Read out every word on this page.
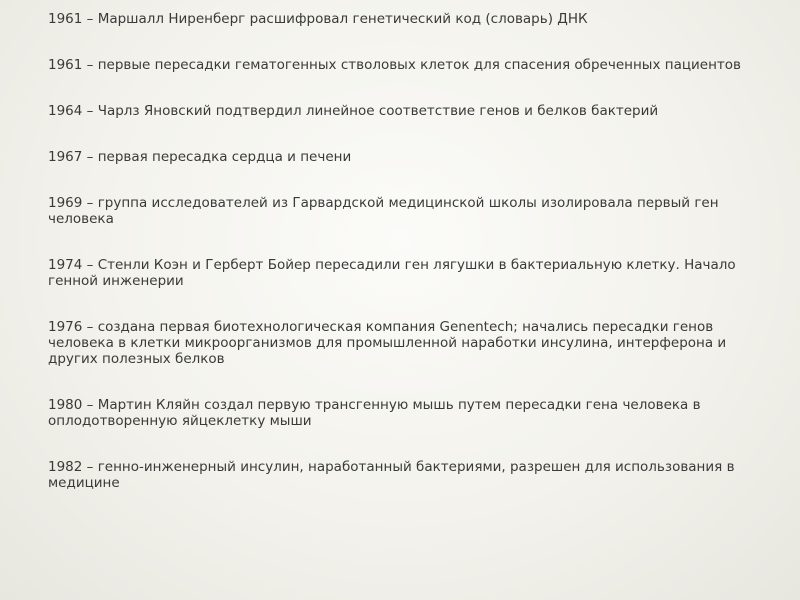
1961 – Маршалл Ниренберг расшифровал генетический код (словарь) ДНК
1961 – первые пересадки гематогенных стволовых клеток для спасения обреченных пациентов
1964 – Чарлз Яновский подтвердил линейное соответствие генов и белков бактерий
1967 – первая пересадка сердца и печени
1969 – группа исследователей из Гарвардской медицинской школы изолировала первый ген человека
1974 – Стенли Коэн и Герберт Бойер пересадили ген лягушки в бактериальную клетку. Начало генной инженерии
1976 – создана первая биотехнологическая компания Genentech; начались пересадки генов человека в клетки микроорганизмов для промышленной наработки инсулина, интерферона и других полезных белков
1980 – Мартин Кляйн создал первую трансгенную мышь путем пересадки гена человека в оплодотворенную яйцеклетку мыши
1982 – генно-инженерный инсулин, наработанный бактериями, разрешен для использования в медицине
